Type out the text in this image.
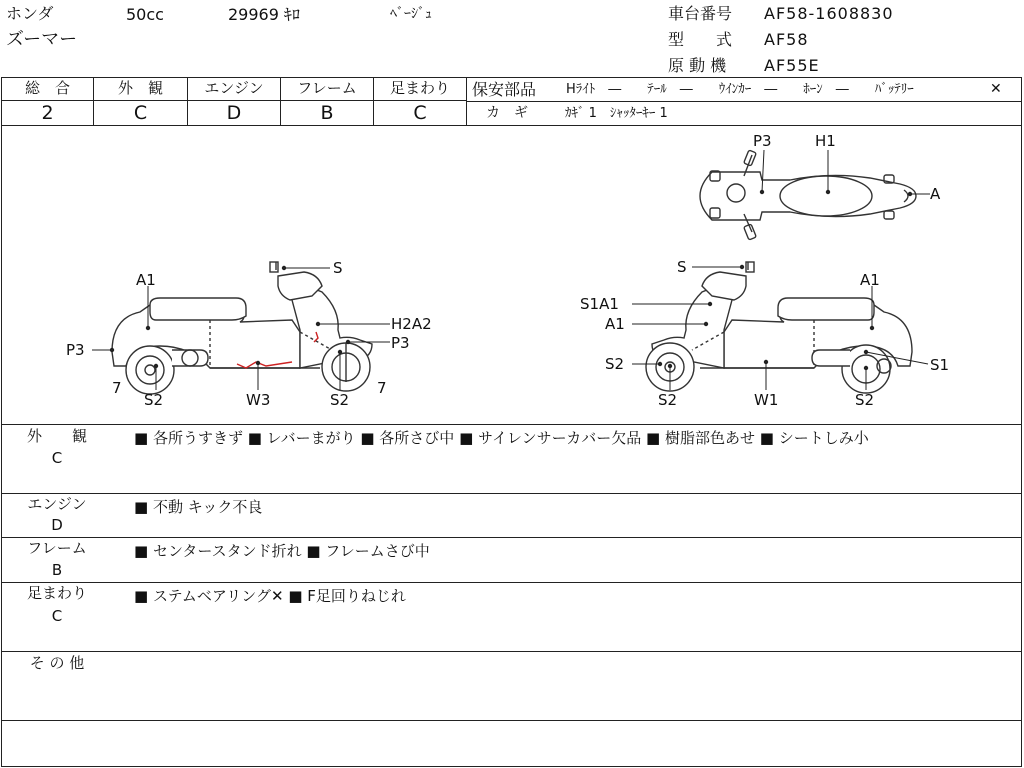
ホンダ	50cc	29969 ｷﾛ	ﾍﾞｰｼﾞｭ
ズーマー
車台番号 AF58-1608830
型　　式 AF58
原 動 機 AF55E
総　合
2
外　観
C
エンジン
D
フレーム
B
足まわり
C
保安部品 Hﾗｲﾄ　―　　ﾃｰﾙ　―　　ｳｲﾝｶｰ　―　　ﾎｰﾝ　―　　ﾊﾞｯﾃﾘｰ	✕
カ　ギ	ｶｷﾞ 1　ｼｬｯﾀｰｷｰ 1
P3	H1
A
S
A1
H2A2
P3
P3
7	7
S2	W3	S2
S
A1
S1A1
A1
S2	S1
S2	W1	S2
外　　観
C
■ 各所うすきず ■ レバーまがり ■ 各所さび中 ■ サイレンサーカバー欠品 ■ 樹脂部色あせ ■ シートしみ小
エンジン
D
■ 不動 キック不良
フレーム
B
■ センタースタンド折れ ■ フレームさび中
足まわり
C
■ ステムベアリング✕ ■ F足回りねじれ
そ の 他
